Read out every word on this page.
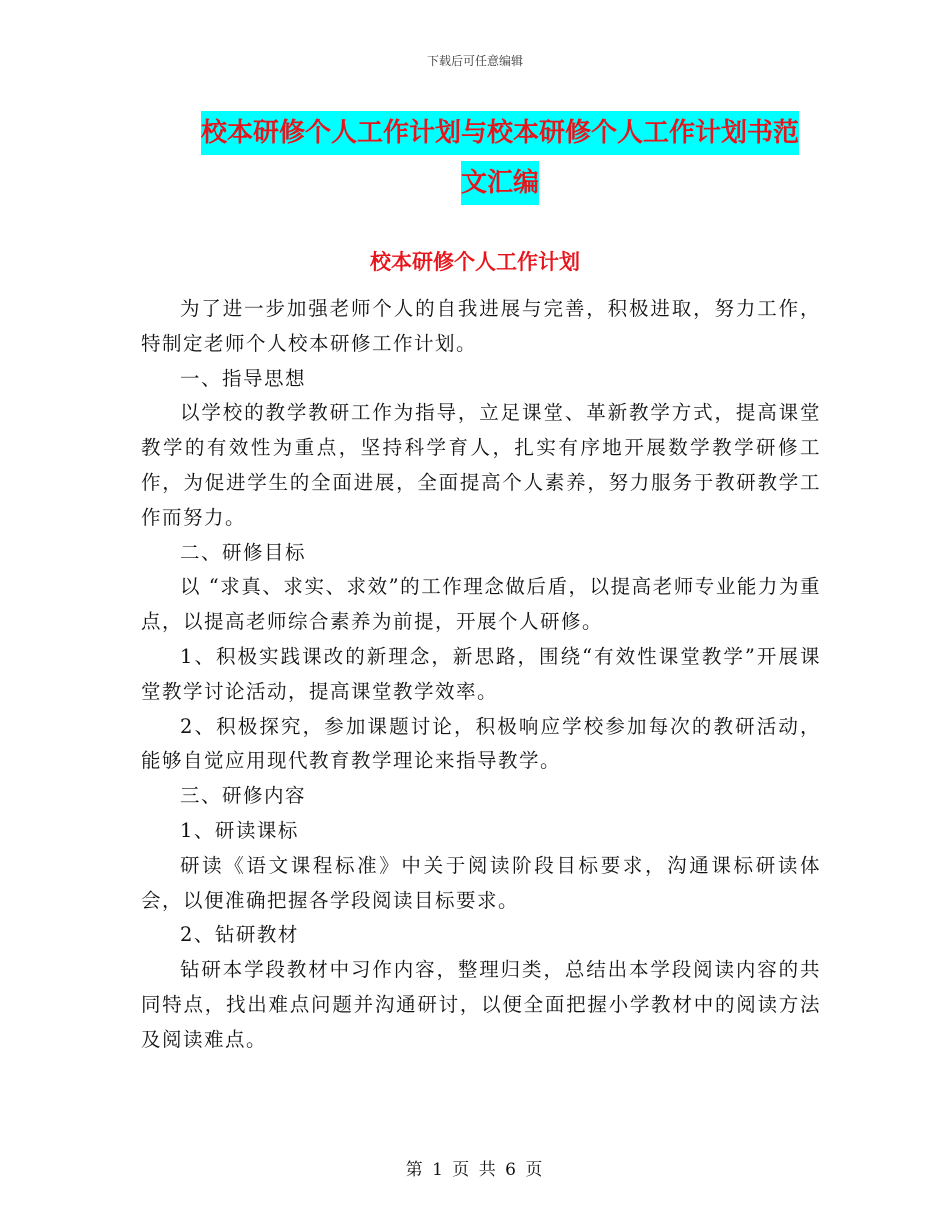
下载后可任意编辑
校本研修个人工作计划与校本研修个人工作计划书范
文汇编
校本研修个人工作计划

为了进一步加强老师个人的自我进展与完善，积极进取，努力工作，特制定老师个人校本研修工作计划。

一、指导思想

以学校的教学教研工作为指导，立足课堂、革新教学方式，提高课堂教学的有效性为重点，坚持科学育人，扎实有序地开展数学教学研修工作，为促进学生的全面进展，全面提高个人素养，努力服务于教研教学工作而努力。

二、研修目标

以 “求真、求实、求效”的工作理念做后盾，以提高老师专业能力为重点，以提高老师综合素养为前提，开展个人研修。

1、积极实践课改的新理念，新思路，围绕“有效性课堂教学”开展课堂教学讨论活动，提高课堂教学效率。

2、积极探究，参加课题讨论，积极响应学校参加每次的教研活动，能够自觉应用现代教育教学理论来指导教学。

三、研修内容

1、研读课标

研读《语文课程标准》中关于阅读阶段目标要求，沟通课标研读体会，以便准确把握各学段阅读目标要求。

2、钻研教材

钻研本学段教材中习作内容，整理归类，总结出本学段阅读内容的共同特点，找出难点问题并沟通研讨，以便全面把握小学教材中的阅读方法及阅读难点。

第 1 页 共 6 页
